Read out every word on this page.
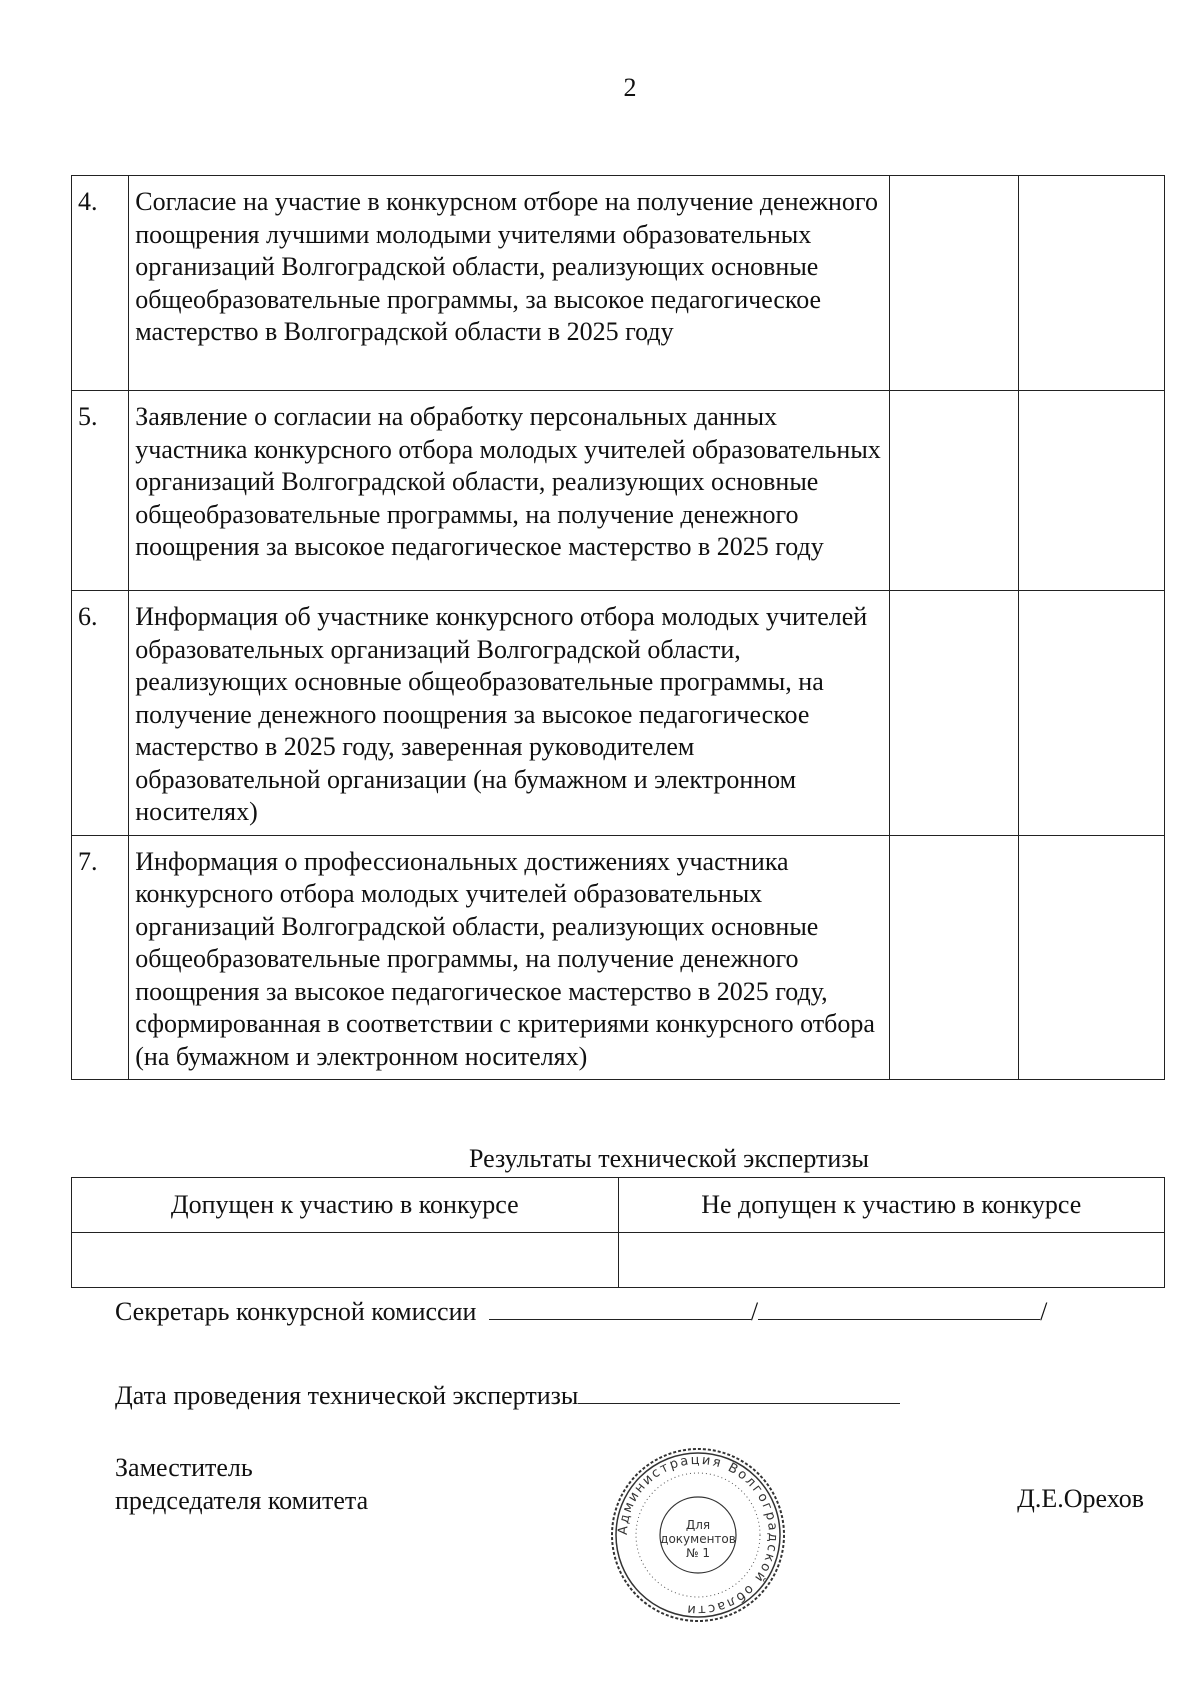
2
4.	Согласие на участие в конкурсном отборе на получение денежного поощрения лучшими молодыми учителями образовательных организаций Волгоградской области, реализующих основные общеобразовательные программы, за высокое педагогическое мастерство в Волгоградской области в 2025 году		
5.	Заявление о согласии на обработку персональных данных участника конкурсного отбора молодых учителей образовательных организаций Волгоградской области, реализующих основные общеобразовательные программы, на получение денежного поощрения за высокое педагогическое мастерство в 2025 году		
6.	Информация об участнике конкурсного отбора молодых учителей образовательных организаций Волгоградской области, реализующих основные общеобразовательные программы, на получение денежного поощрения за высокое педагогическое мастерство в 2025 году, заверенная руководителем образовательной организации (на бумажном и электронном носителях)		
7.	Информация о профессиональных достижениях участника конкурсного отбора молодых учителей образовательных организаций Волгоградской области, реализующих основные общеобразовательные программы, на получение денежного поощрения за высокое педагогическое мастерство в 2025 году, сформированная в соответствии с критериями конкурсного отбора (на бумажном и электронном носителях)		
Результаты технической экспертизы
Допущен к участию в конкурсе	Не допущен к участию в конкурсе

Секретарь конкурсной комиссии	/	/
Дата проведения технической экспертизы
Заместитель
председателя комитета	Д.Е.Орехов
Администрация Волгоградской области
Для
документов
№ 1
